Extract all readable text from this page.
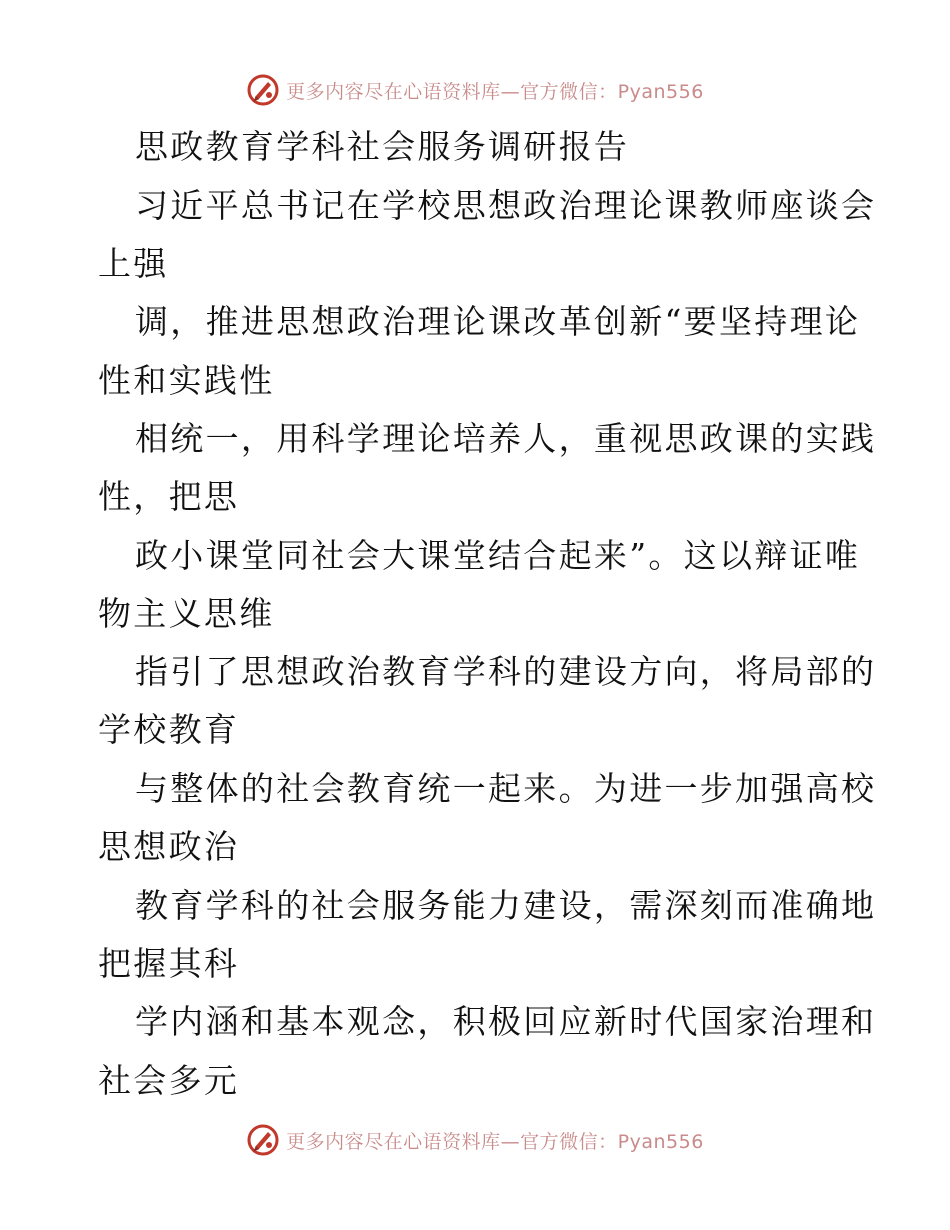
更多内容尽在心语资料库—官方微信：Pyan556
思政教育学科社会服务调研报告
习近平总书记在学校思想政治理论课教师座谈会
上强
调，推进思想政治理论课改革创新“要坚持理论
性和实践性
相统一，用科学理论培养人，重视思政课的实践
性，把思
政小课堂同社会大课堂结合起来”。这以辩证唯
物主义思维
指引了思想政治教育学科的建设方向，将局部的
学校教育
与整体的社会教育统一起来。为进一步加强高校
思想政治
教育学科的社会服务能力建设，需深刻而准确地
把握其科
学内涵和基本观念，积极回应新时代国家治理和
社会多元
更多内容尽在心语资料库—官方微信：Pyan556
